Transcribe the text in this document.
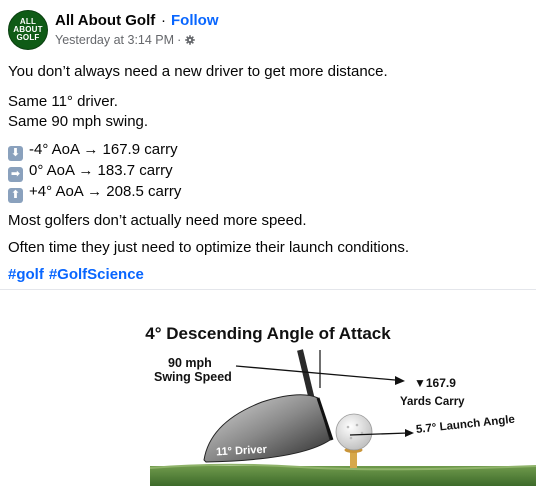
ALL
ABOUT
GOLF
All About Golf · Follow
Yesterday at 3:14 PM ·

You don’t always need a new driver to get more distance.

Same 11° driver.

Same 90 mph swing.

⬇ -4° AoA → 167.9 carry

➡ 0° AoA → 183.7 carry

⬆ +4° AoA → 208.5 carry

Most golfers don’t actually need more speed.

Often time they just need to optimize their launch conditions.

#golf #GolfScience

4° Descending Angle of Attack
90 mph
Swing Speed	▼167.9
Yards Carry
5.7° Launch Angle
11° Driver
